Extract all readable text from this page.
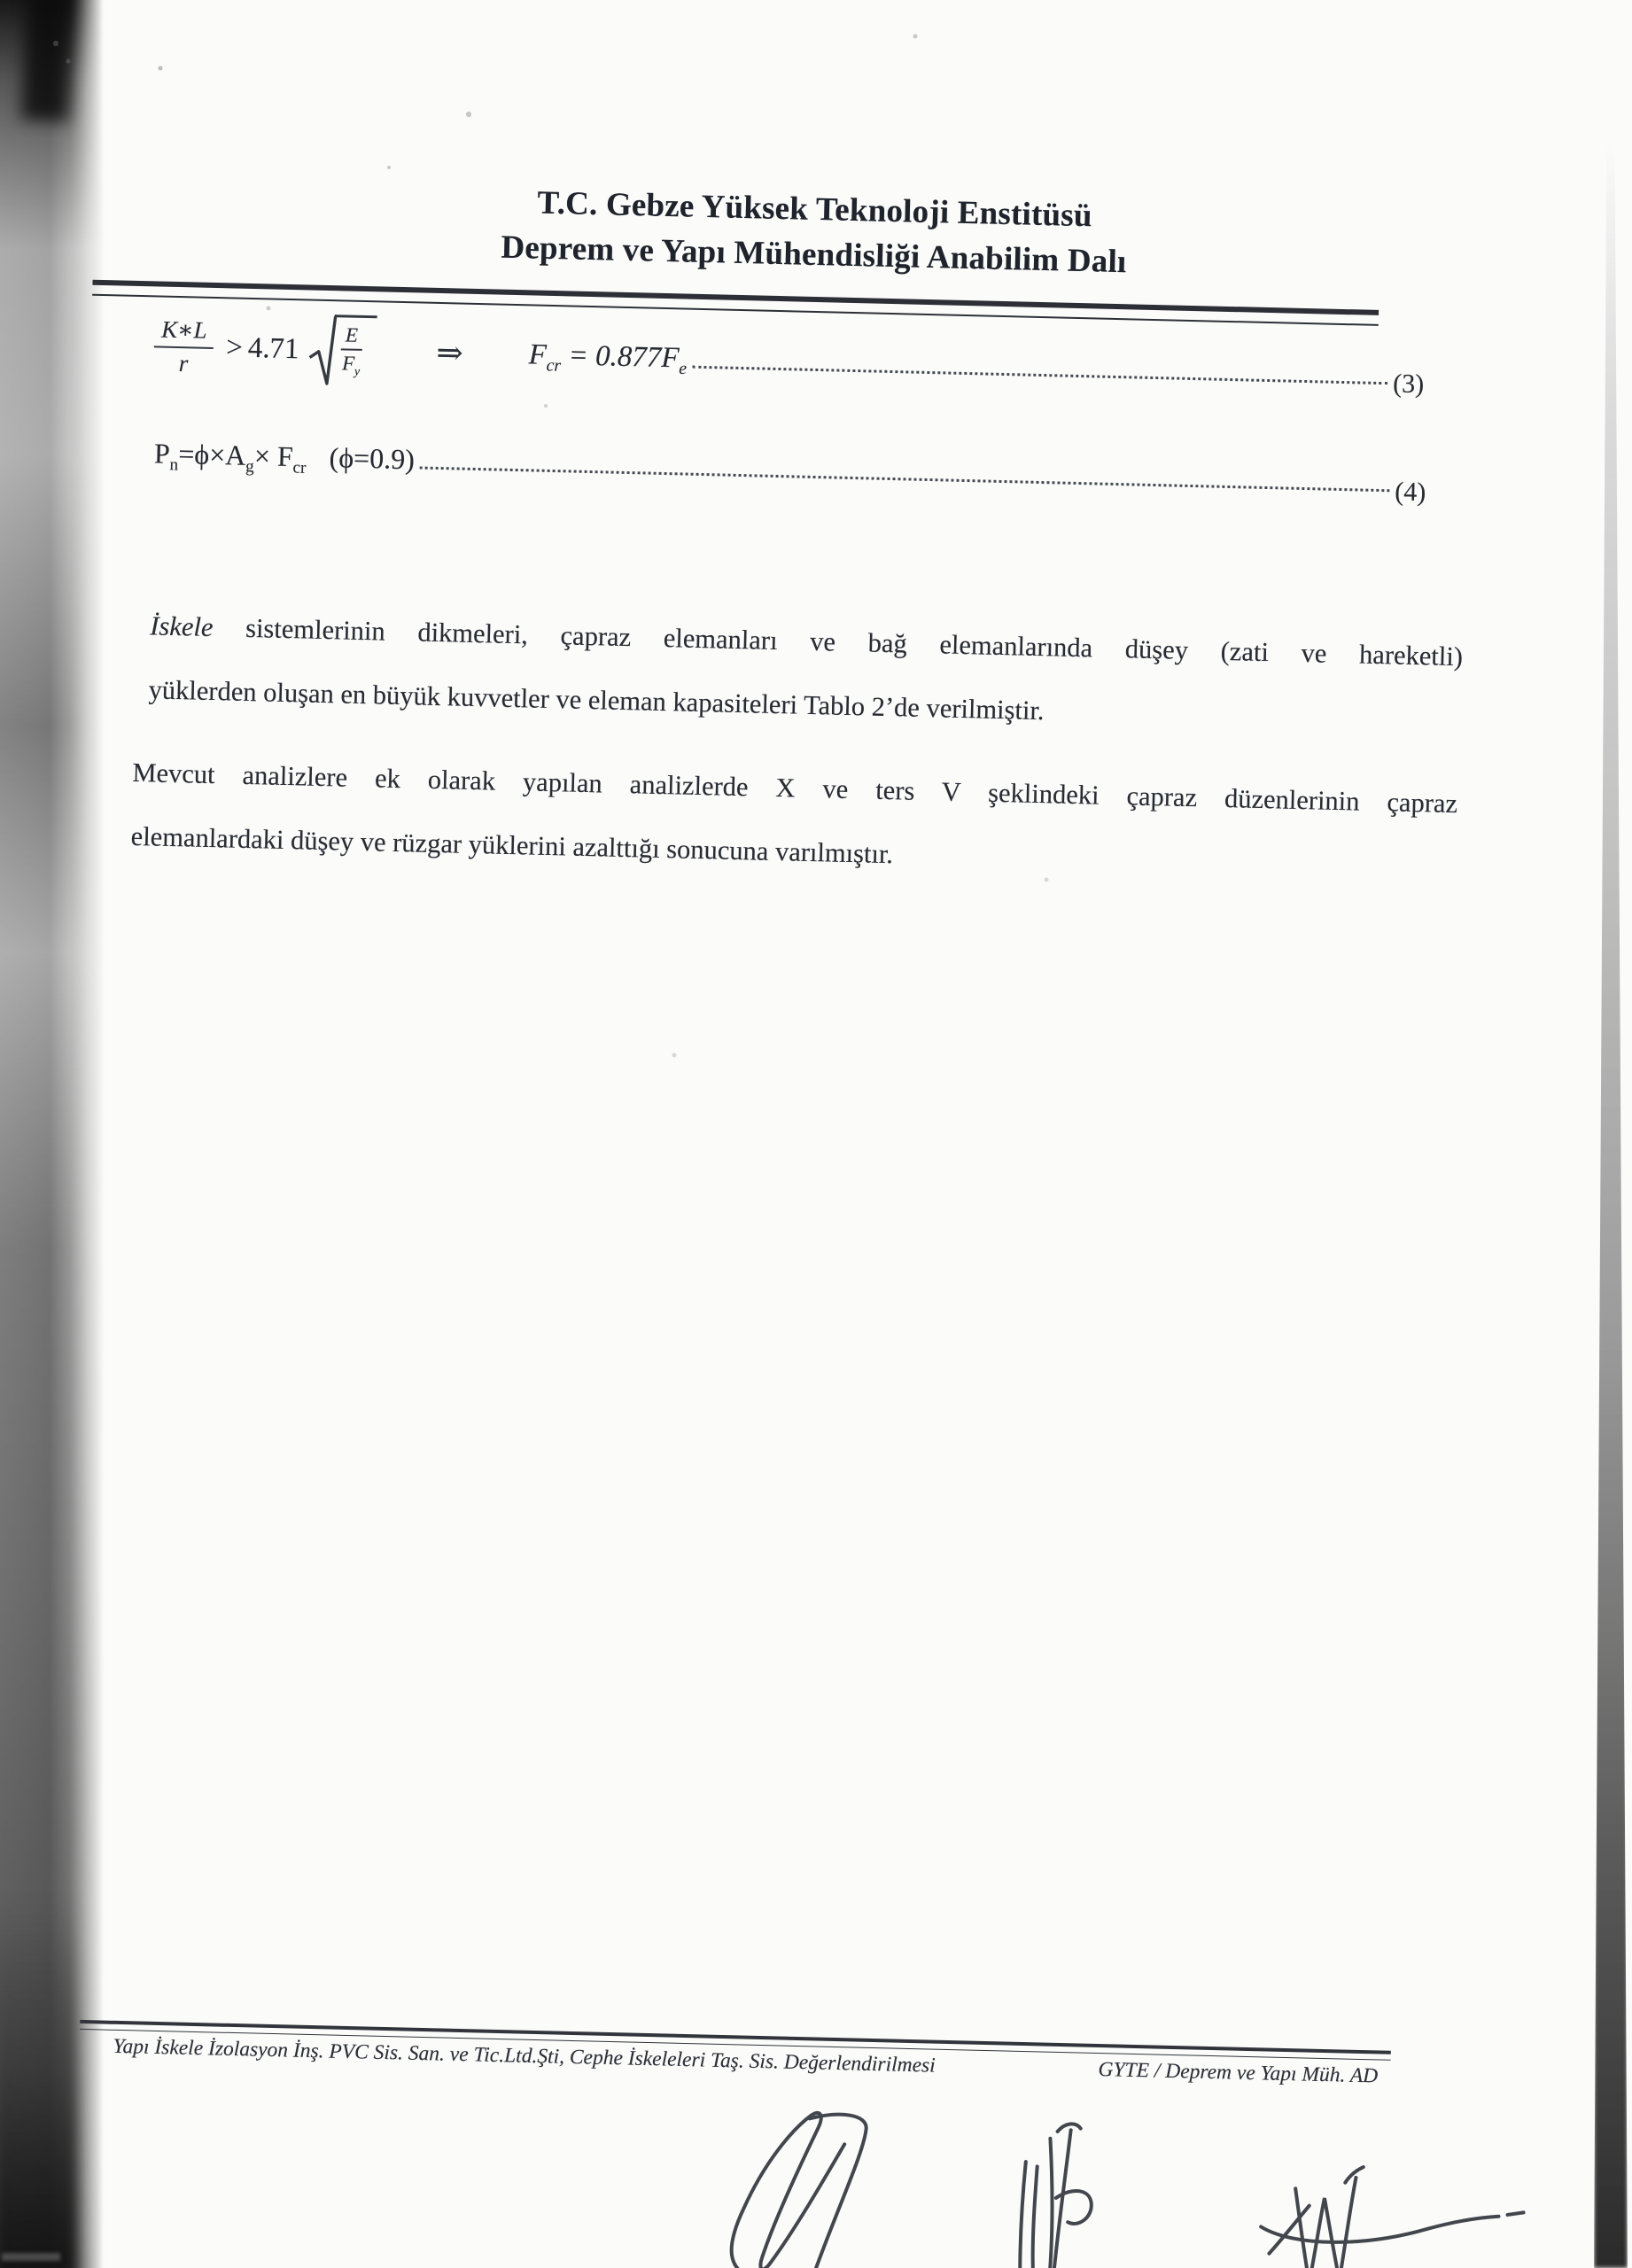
T.C. Gebze Yüksek Teknoloji Enstitüsü
Deprem ve Yapı Mühendisliği Anabilim Dalı
$\frac{K∗L}{r} > 4.71 \frac{E}{F_y}$ ⇒ $F_{cr} = 0.877F_e$
(3)
$P_n=\phi\times A_g\times F_{cr}$ (ϕ=0.9)
(4)
İskele sistemlerinin dikmeleri, çapraz elemanları ve bağ elemanlarında düşey (zati ve hareketli)
yüklerden oluşan en büyük kuvvetler ve eleman kapasiteleri Tablo 2’de verilmiştir.
Mevcut analizlere ek olarak yapılan analizlerde X ve ters V şeklindeki çapraz düzenlerinin çapraz
elemanlardaki düşey ve rüzgar yüklerini azalttığı sonucuna varılmıştır.
Yapı İskele İzolasyon İnş. PVC Sis. San. ve Tic.Ltd.Şti, Cephe İskeleleri Taş. Sis. Değerlendirilmesi	GYTE / Deprem ve Yapı Müh. AD
